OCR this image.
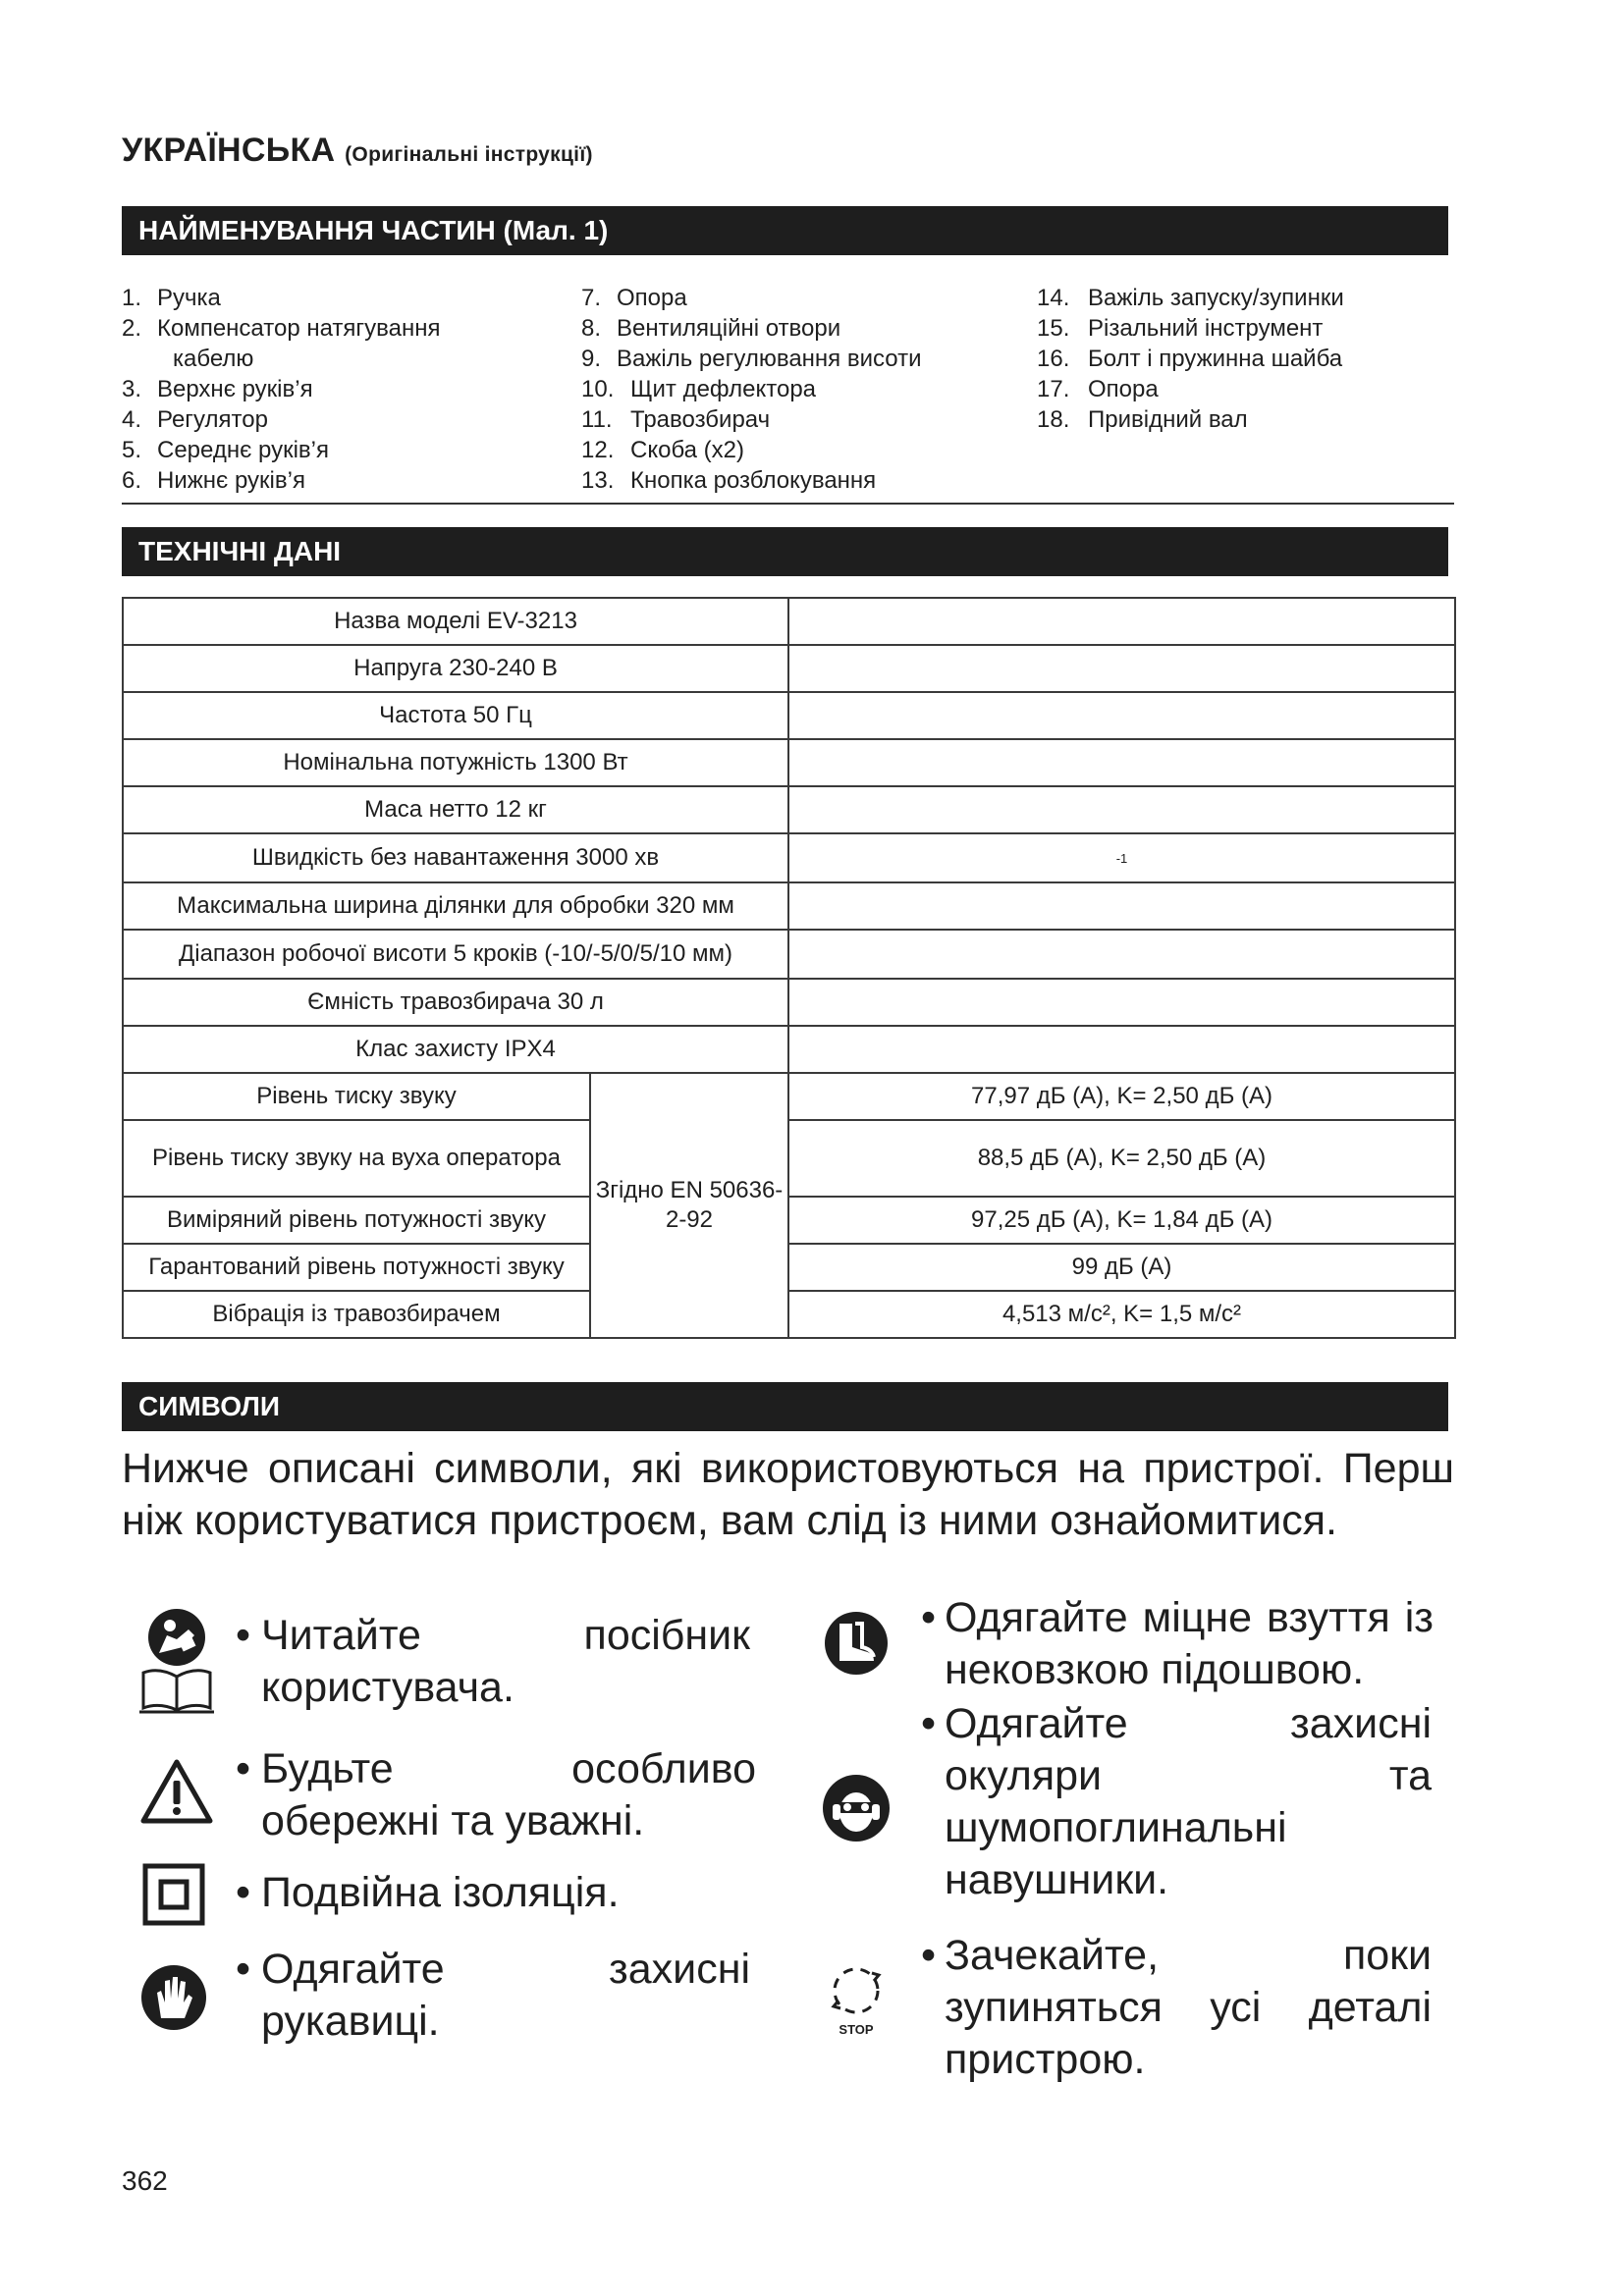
УКРАЇНСЬКА (Оригінальні інструкції)
НАЙМЕНУВАННЯ ЧАСТИН (Мал. 1)
1. Ручка
2. Компенсатор натягування
кабелю
3. Верхнє руків’я
4. Регулятор
5. Середнє руків’я
6. Нижнє руків’я
7. Опора
8. Вентиляційні отвори
9. Важіль регулювання висоти
10. Щит дефлектора
11. Травозбирач
12. Скоба (x2)
13. Кнопка розблокування
14. Важіль запуску/зупинки
15. Різальний інструмент
16. Болт і пружинна шайба
17. Опора
18. Привідний вал
ТЕХНІЧНІ ДАНІ
Назва моделі EV-3213		
Напруга 230-240 В		
Частота 50 Гц		
Номінальна потужність 1300 Вт		
Маса нетто 12 кг		
Швидкість без навантаження 3000 хв		-1
Максимальна ширина ділянки для обробки 320 мм		
Діапазон робочої висоти 5 кроків (-10/-5/0/5/10 мм)		
Ємність травозбирача 30 л		
Клас захисту IPX4		
Рівень тиску звуку	Згідно EN 50636-2-92	77,97 дБ (A), K= 2,50 дБ (A)
Рівень тиску звуку на вуха оператора		88,5 дБ (A), K= 2,50 дБ (A)
Виміряний рівень потужності звуку		97,25 дБ (A), K= 1,84 дБ (A)
Гарантований рівень потужності звуку		99 дБ (A)
Вібрація із травозбирачем		4,513 м/с², K= 1,5 м/с²
СИМВОЛИ
Нижче описані символи, які використовуються на пристрої. Перш ніж користуватися пристроєм, вам слід із ними ознайомитися.
• Читайте посібник користувача.
• Будьте особливо обережні та уважні.
• Подвійна ізоляція.
• Одягайте захисні рукавиці.
• Одягайте міцне взуття із нековзкою підошвою.
• Одягайте захисні окуляри та шумопоглинальні навушники.
STOP
• Зачекайте, поки зупиняться усі деталі пристрою.
362
